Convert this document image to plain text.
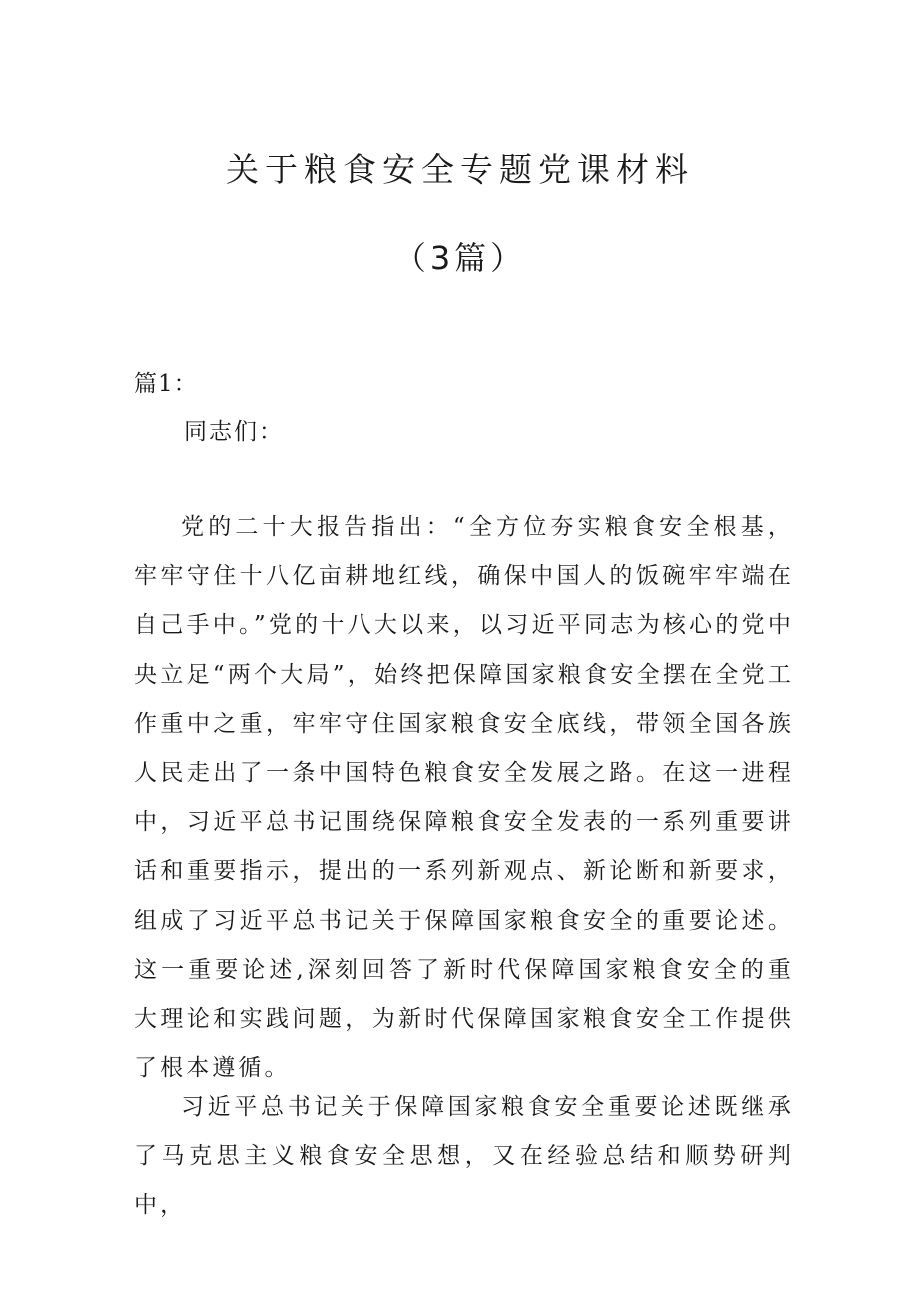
关于粮食安全专题党课材料
（3篇）

篇1：

同志们：

党的二十大报告指出：“全方位夯实粮食安全根基，牢牢守住十八亿亩耕地红线，确保中国人的饭碗牢牢端在自己手中。”党的十八大以来，以习近平同志为核心的党中央立足“两个大局”，始终把保障国家粮食安全摆在全党工作重中之重，牢牢守住国家粮食安全底线，带领全国各族人民走出了一条中国特色粮食安全发展之路。在这一进程中，习近平总书记围绕保障粮食安全发表的一系列重要讲话和重要指示，提出的一系列新观点、新论断和新要求，组成了习近平总书记关于保障国家粮食安全的重要论述。这一重要论述,深刻回答了新时代保障国家粮食安全的重大理论和实践问题，为新时代保障国家粮食安全工作提供了根本遵循。

习近平总书记关于保障国家粮食安全重要论述既继承了马克思主义粮食安全思想，又在经验总结和顺势研判中，
